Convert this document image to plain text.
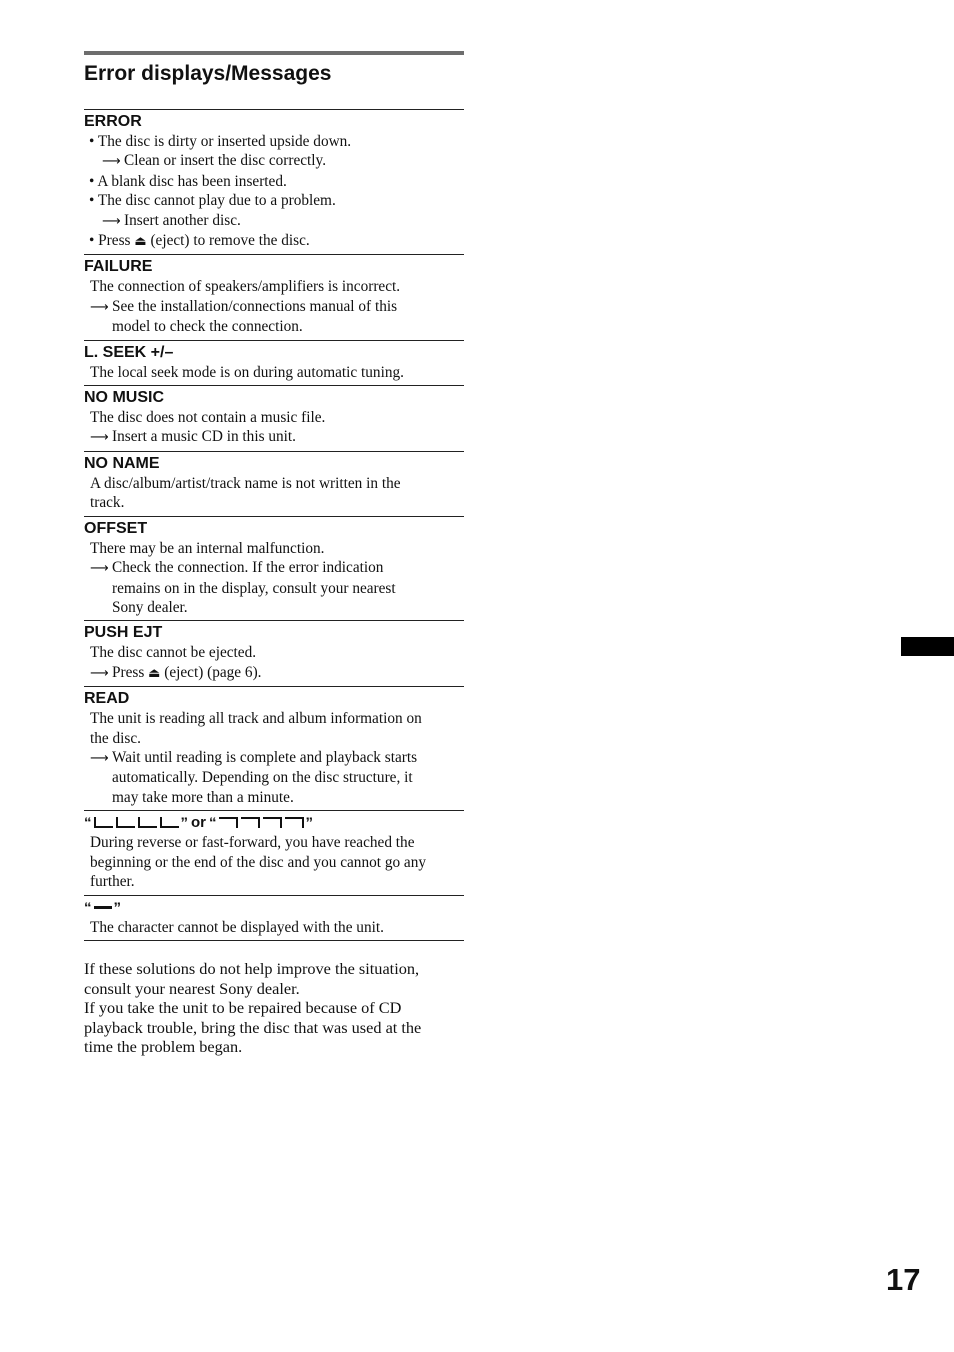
Error displays/Messages
ERROR
• The disc is dirty or inserted upside down.
⟶ Clean or insert the disc correctly.
• A blank disc has been inserted.
• The disc cannot play due to a problem.
⟶ Insert another disc.
• Press ⏏ (eject) to remove the disc.
FAILURE
The connection of speakers/amplifiers is incorrect.
⟶ See the installation/connections manual of this
model to check the connection.
L. SEEK +/–
The local seek mode is on during automatic tuning.
NO MUSIC
The disc does not contain a music file.
⟶ Insert a music CD in this unit.
NO NAME
A disc/album/artist/track name is not written in the
track.
OFFSET
There may be an internal malfunction.
⟶ Check the connection. If the error indication
remains on in the display, consult your nearest
Sony dealer.
PUSH EJT
The disc cannot be ejected.
⟶ Press ⏏ (eject) (page 6).
READ
The unit is reading all track and album information on
the disc.
⟶ Wait until reading is complete and playback starts
automatically. Depending on the disc structure, it
may take more than a minute.
“	” or “	”
During reverse or fast-forward, you have reached the
beginning or the end of the disc and you cannot go any
further.
“ ”
The character cannot be displayed with the unit.

If these solutions do not help improve the situation,

consult your nearest Sony dealer.

If you take the unit to be repaired because of CD

playback trouble, bring the disc that was used at the

time the problem began.

17
